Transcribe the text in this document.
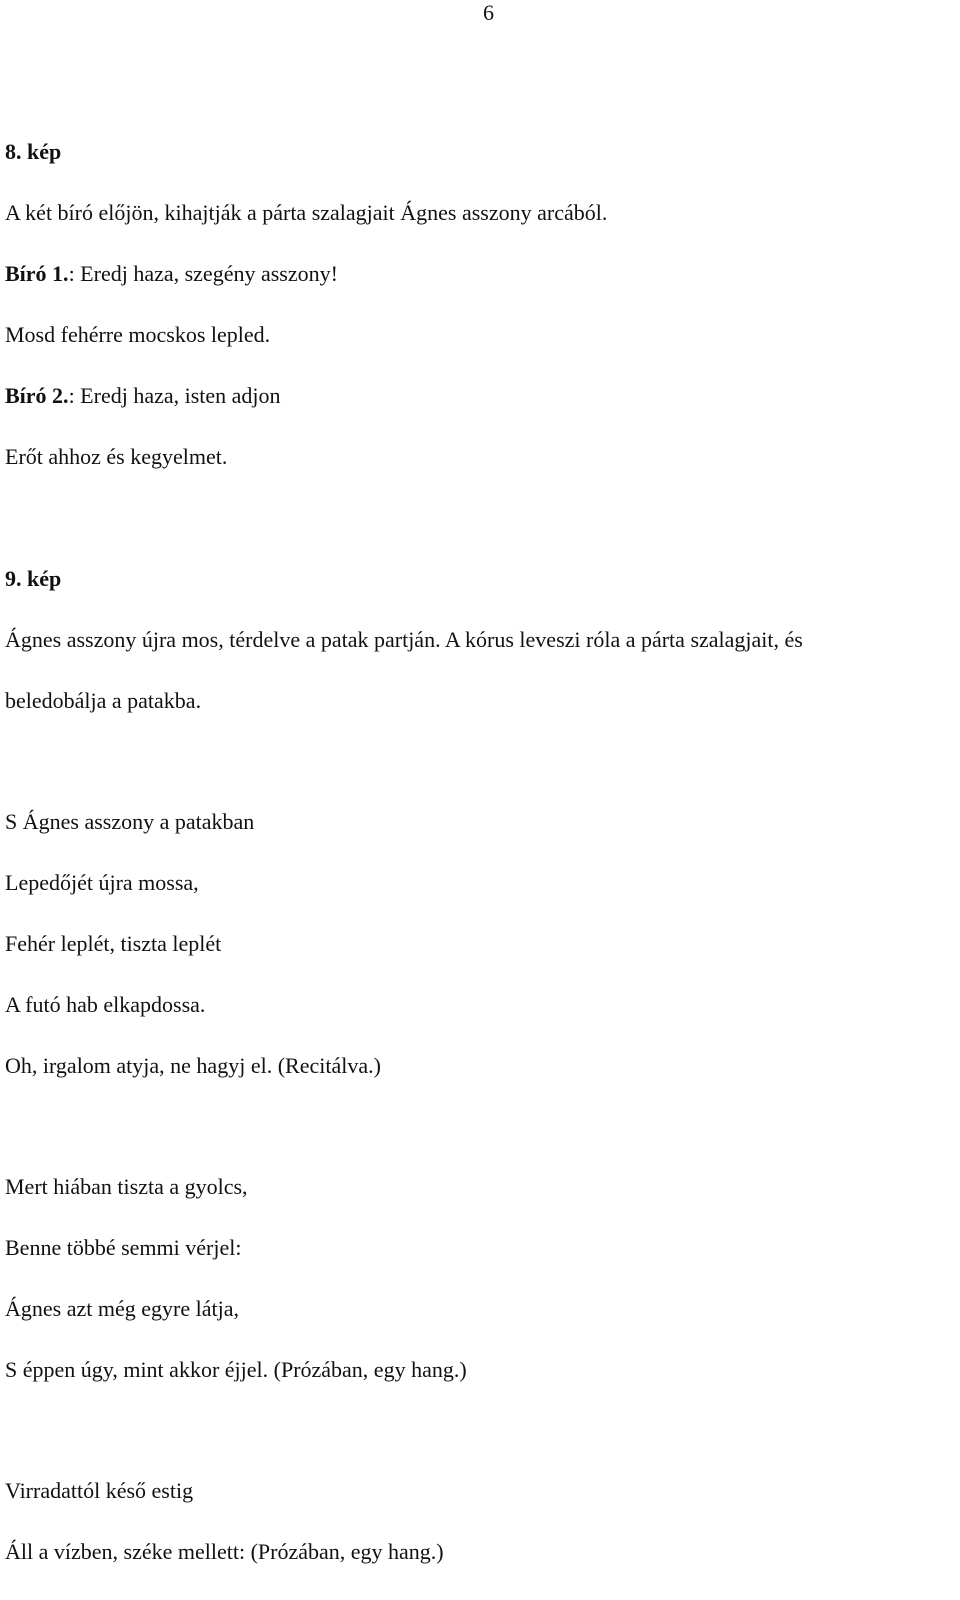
6
8. kép
A két bíró előjön, kihajtják a párta szalagjait Ágnes asszony arcából.
Bíró 1.: Eredj haza, szegény asszony!
Mosd fehérre mocskos lepled.
Bíró 2.: Eredj haza, isten adjon
Erőt ahhoz és kegyelmet.
9. kép
Ágnes asszony újra mos, térdelve a patak partján. A kórus leveszi róla a párta szalagjait, és
beledobálja a patakba.
S Ágnes asszony a patakban
Lepedőjét újra mossa,
Fehér leplét, tiszta leplét
A futó hab elkapdossa.
Oh, irgalom atyja, ne hagyj el. (Recitálva.)
Mert hiában tiszta a gyolcs,
Benne többé semmi vérjel:
Ágnes azt még egyre látja,
S éppen úgy, mint akkor éjjel. (Prózában, egy hang.)
Virradattól késő estig
Áll a vízben, széke mellett: (Prózában, egy hang.)
